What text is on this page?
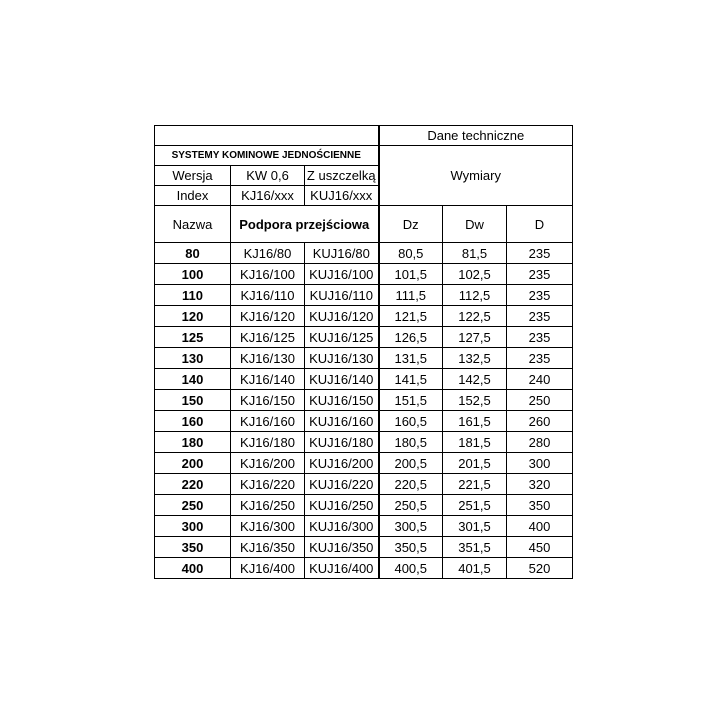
			Dane techniczne		
SYSTEMY KOMINOWE JEDNOŚCIENNE			Wymiary		
Wersja	KW 0,6	Z uszczelką			
Index	KJ16/xxx	KUJ16/xxx			
Nazwa	Podpora przejściowa		Dz	Dw	D
80	KJ16/80	KUJ16/80	80,5	81,5	235
100	KJ16/100	KUJ16/100	101,5	102,5	235
110	KJ16/110	KUJ16/110	111,5	112,5	235
120	KJ16/120	KUJ16/120	121,5	122,5	235
125	KJ16/125	KUJ16/125	126,5	127,5	235
130	KJ16/130	KUJ16/130	131,5	132,5	235
140	KJ16/140	KUJ16/140	141,5	142,5	240
150	KJ16/150	KUJ16/150	151,5	152,5	250
160	KJ16/160	KUJ16/160	160,5	161,5	260
180	KJ16/180	KUJ16/180	180,5	181,5	280
200	KJ16/200	KUJ16/200	200,5	201,5	300
220	KJ16/220	KUJ16/220	220,5	221,5	320
250	KJ16/250	KUJ16/250	250,5	251,5	350
300	KJ16/300	KUJ16/300	300,5	301,5	400
350	KJ16/350	KUJ16/350	350,5	351,5	450
400	KJ16/400	KUJ16/400	400,5	401,5	520
